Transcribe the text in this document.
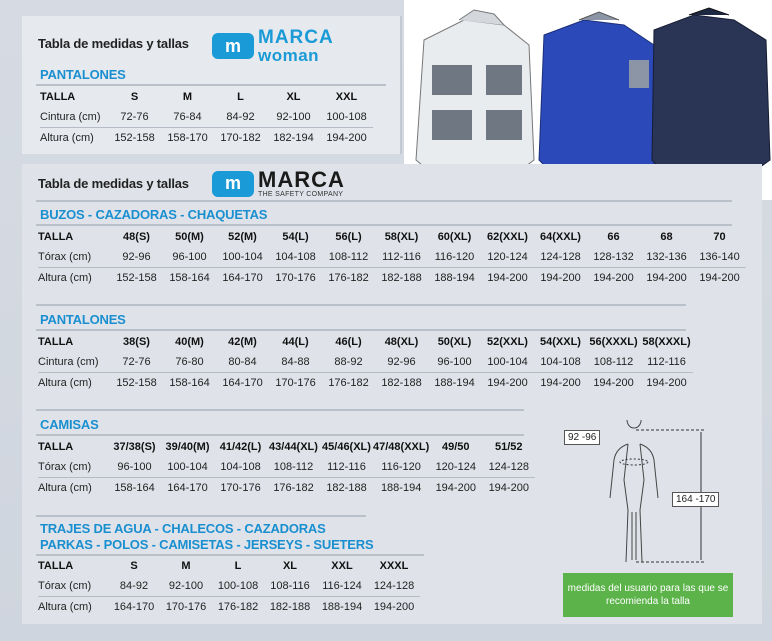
Tabla de medidas y tallas	m MARCA
woman
PANTALONES
TALLA	S	M	L	XL	XXL
Cintura (cm)	72-76	76-84	84-92	92-100	100-108
Altura (cm)	152-158	158-170	170-182	182-194	194-200
Tabla de medidas y tallas	m MARCA
THE SAFETY COMPANY
BUZOS - CAZADORAS - CHAQUETAS
TALLA	48(S)	50(M)	52(M)	54(L)	56(L)	58(XL)	60(XL)	62(XXL)	64(XXL)	66	68	70
Tórax (cm)	92-96	96-100	100-104	104-108	108-112	112-116	116-120	120-124	124-128	128-132	132-136	136-140
Altura (cm)	152-158	158-164	164-170	170-176	176-182	182-188	188-194	194-200	194-200	194-200	194-200	194-200
PANTALONES
TALLA	38(S)	40(M)	42(M)	44(L)	46(L)	48(XL)	50(XL)	52(XXL)	54(XXL)	56(XXXL)	58(XXXL)
Cintura (cm)	72-76	76-80	80-84	84-88	88-92	92-96	96-100	100-104	104-108	108-112	112-116
Altura (cm)	152-158	158-164	164-170	170-176	176-182	182-188	188-194	194-200	194-200	194-200	194-200
CAMISAS
TALLA	37/38(S)	39/40(M)	41/42(L)	43/44(XL)	45/46(XL)	47/48(XXL)	49/50	51/52
Tórax (cm)	96-100	100-104	104-108	108-112	112-116	116-120	120-124	124-128
Altura (cm)	158-164	164-170	170-176	176-182	182-188	188-194	194-200	194-200
TRAJES DE AGUA - CHALECOS - CAZADORAS
PARKAS - POLOS - CAMISETAS - JERSEYS - SUETERS
TALLA	S	M	L	XL	XXL	XXXL
Tórax (cm)	84-92	92-100	100-108	108-116	116-124	124-128
Altura (cm)	164-170	170-176	176-182	182-188	188-194	194-200
92 -96
164 -170
medidas del usuario para las que se recomienda la talla
